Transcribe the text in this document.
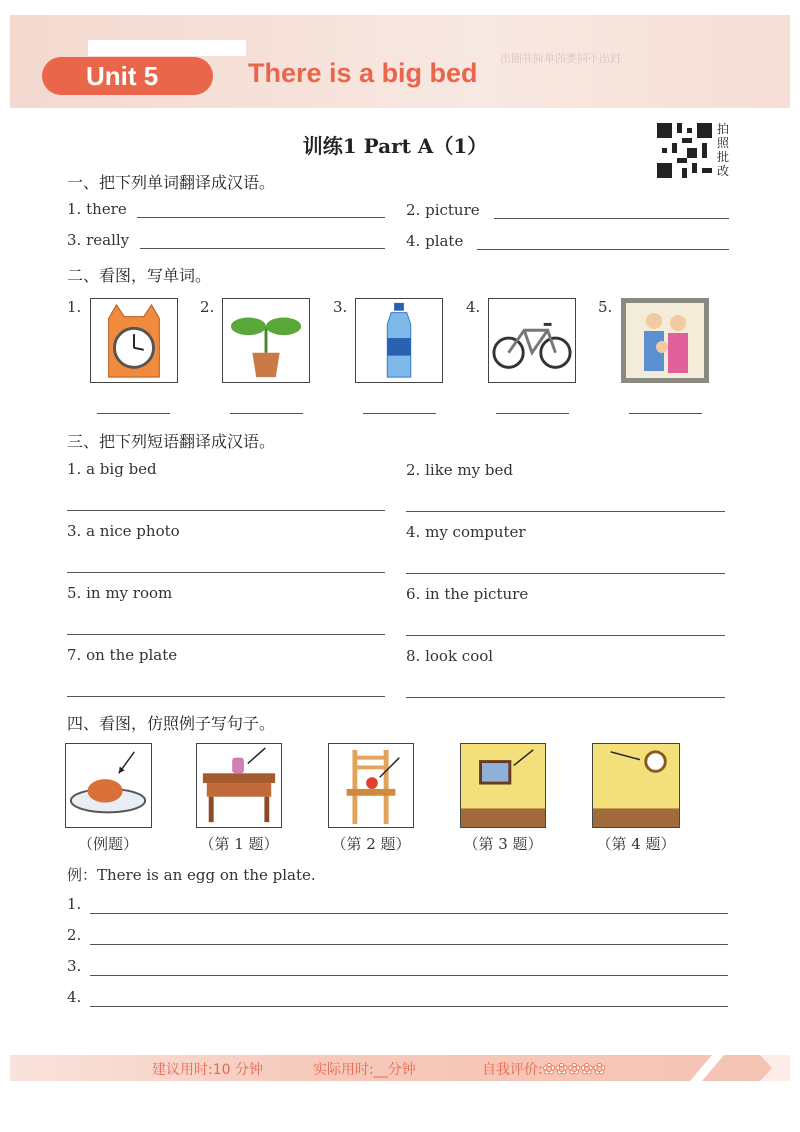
找出不同类的单词并圈出
Unit 5	There is a big bed
训练1 Part A（1）
拍照批改
一、把下列单词翻译成汉语。
1. there	2. picture
3. really	4. plate
二、看图，写单词。
1.	2.	3.	4.	5.
三、把下列短语翻译成汉语。
1. a big bed	2. like my bed
3. a nice photo	4. my computer
5. in my room	6. in the picture
7. on the plate	8. look cool
四、看图，仿照例子写句子。
（例题）	（第 1 题）	（第 2 题）	（第 3 题）	（第 4 题）
例：There is an egg on the plate.
1.
2.
3.
4.
建议用时:10 分钟	实际用时:__分钟	自我评价:✿✿✿✿✿
